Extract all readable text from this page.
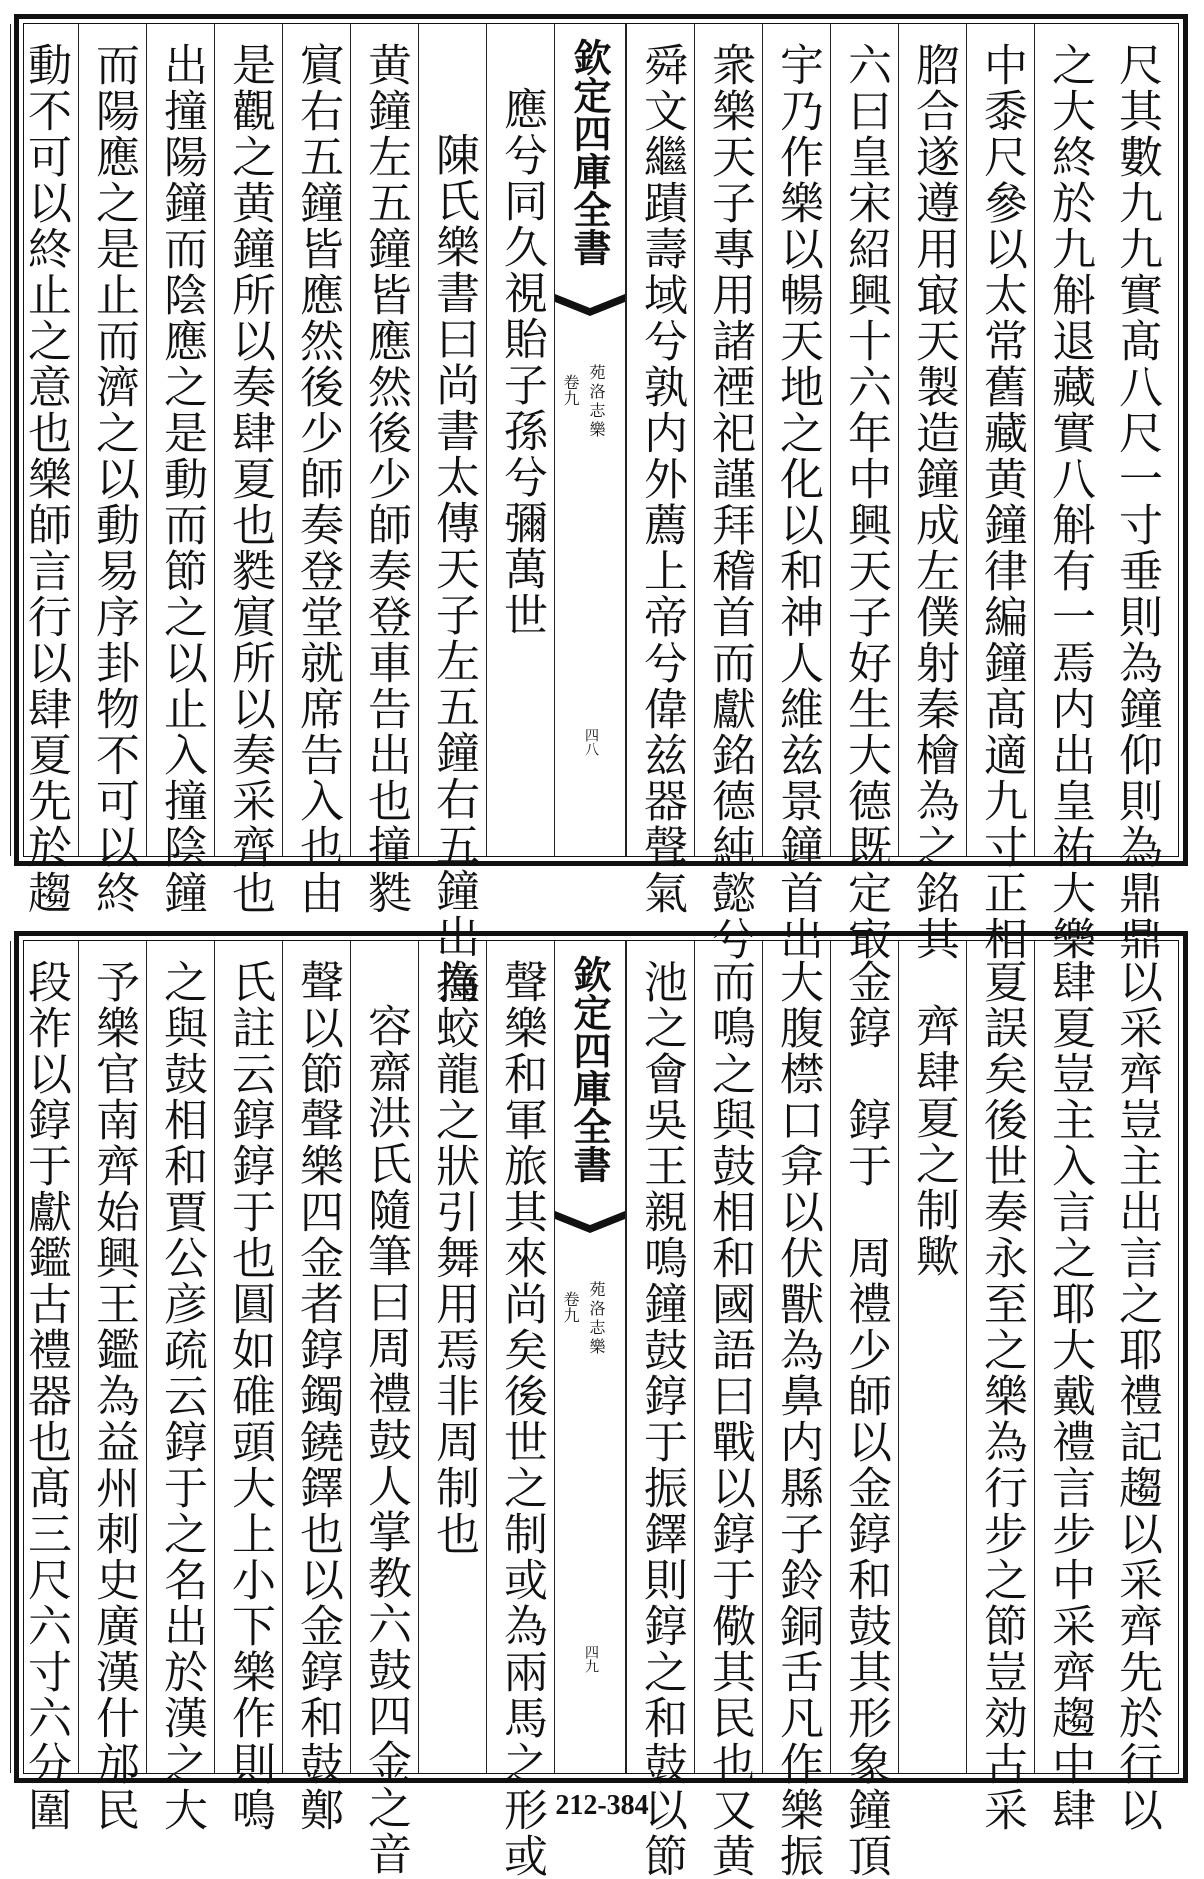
尺其數九九實髙八尺一寸垂則為鐘仰則為鼎鼎
之大終於九斛退藏實八斛有一焉内出皇祐大樂
中黍尺參以太常舊藏黄鐘律編鐘髙適九寸正相
脗合遂遵用㝡天製造鐘成左僕射秦檜為之銘其
六曰皇宋紹興十六年中興天子好生大德既定㝡
宇乃作樂以暢天地之化以和神人維兹景鐘首出
衆樂天子專用諸禋祀謹拜稽首而獻銘德純懿兮
舜文繼蹟壽域兮孰内外薦上帝兮偉兹器聲氣
欽定四庫全書
卷九 苑洛志樂
四八
應兮同久視貽子孫兮彌萬世
陳氏樂書曰尚書太傳天子左五鐘右五鐘出撞
黄鐘左五鐘皆應然後少師奏登車告出也撞㽔
賔右五鐘皆應然後少師奏登堂就席告入也由
是觀之黄鐘所以奏肆夏也㽔賔所以奏采齊也
出撞陽鐘而陰應之是動而節之以止入撞陰鐘
而陽應之是止而濟之以動易序卦物不可以終
動不可以終止之意也樂師言行以肆夏先於趨
以采齊豈主出言之耶禮記趨以采齊先於行以
肆夏豈主入言之耶大戴禮言步中采齊趨中肆
夏誤矣後世奏永至之樂為行步之節豈効古采
齊肆夏之制歟
金錞　錞于　周禮少師以金錞和鼓其形象鐘頂
大腹㯲口弇以伏獸為鼻内縣子鈴銅舌凡作樂振
而鳴之與鼓相和國語曰戰以錞于儆其民也又黄
池之會吳王親鳴鐘鼓錞于振鐸則錞之和鼓以節
欽定四庫全書
卷九 苑洛志樂
四九
聲樂和軍旅其來尚矣後世之制或為兩馬之形或
為蛟龍之狀引舞用焉非周制也
容齋洪氏隨筆曰周禮鼓人掌教六鼓四金之音
聲以節聲樂四金者錞鐲鐃鐸也以金錞和鼓鄭
氏註云錞錞于也圓如碓頭大上小下樂作則鳴
之與鼓相和賈公彦疏云錞于之名出於漢之大
予樂官南齊始興王鑑為益州刺史廣漢什邡民
段祚以錞于獻鑑古禮器也髙三尺六寸六分圍	212-384
